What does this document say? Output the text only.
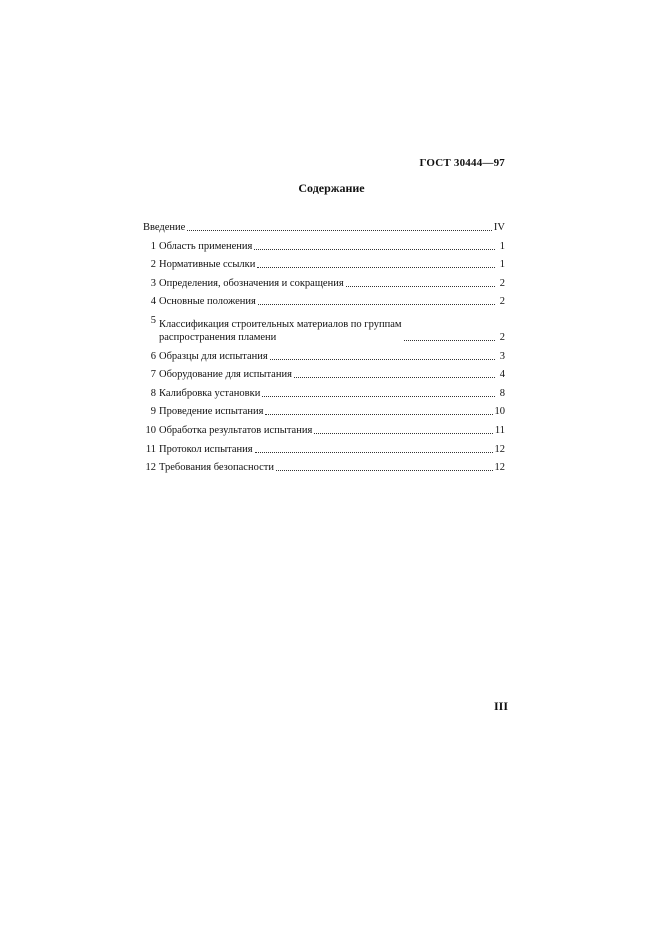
ГОСТ 30444—97
Содержание
Введение	IV
1 Область применения	1
2 Нормативные ссылки	1
3 Определения, обозначения и сокращения	2
4 Основные положения	2
5 Классификация строительных материалов по группам
распространения пламени	2
6 Образцы для испытания	3
7 Оборудование для испытания	4
8 Калибровка установки	8
9 Проведение испытания	10
10 Обработка результатов испытания	11
11 Протокол испытания	12
12 Требования безопасности	12
III
